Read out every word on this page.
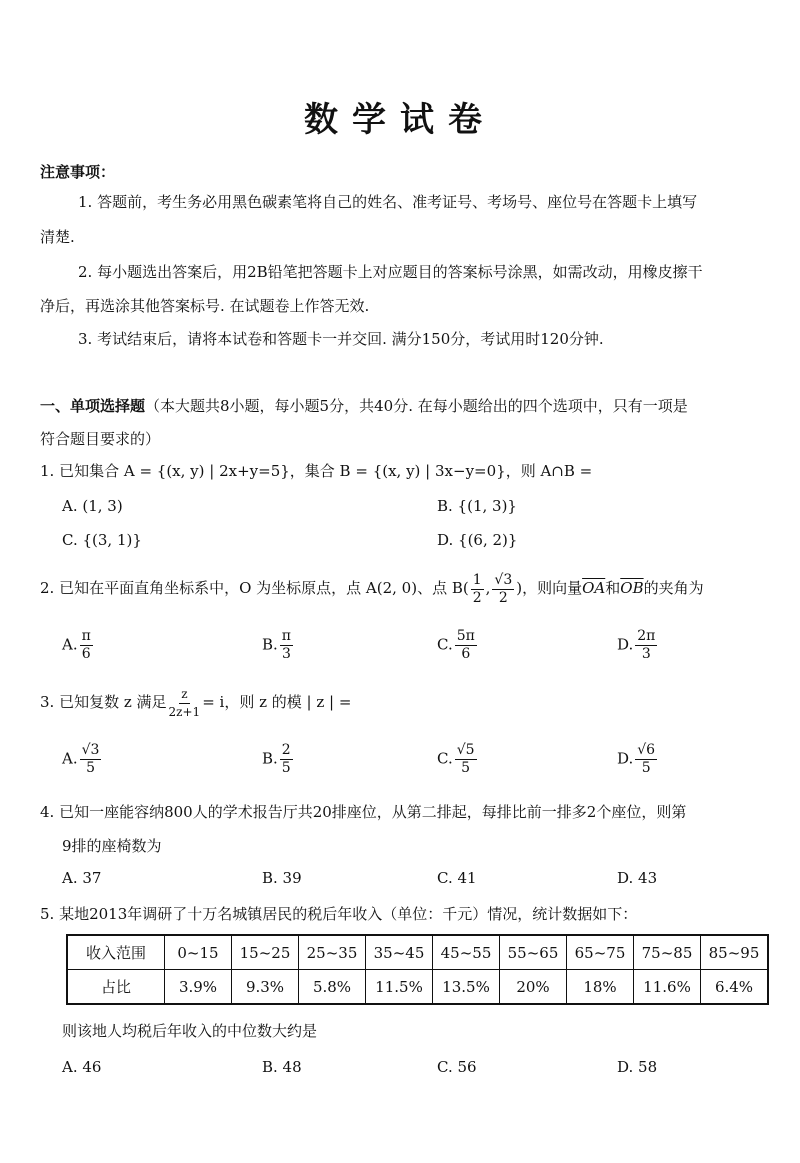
数学试卷
注意事项：
1. 答题前，考生务必用黑色碳素笔将自己的姓名、准考证号、考场号、座位号在答题卡上填写
清楚.
2. 每小题选出答案后，用2B铅笔把答题卡上对应题目的答案标号涂黑，如需改动，用橡皮擦干
净后，再选涂其他答案标号. 在试题卷上作答无效.
3. 考试结束后，请将本试卷和答题卡一并交回. 满分150分，考试用时120分钟.
一、单项选择题（本大题共8小题，每小题5分，共40分. 在每小题给出的四个选项中，只有一项是
符合题目要求的）
1. 已知集合 A = {(x, y) | 2x+y=5}，集合 B = {(x, y) | 3x−y=0}，则 A∩B =
A. (1, 3)	B. {(1, 3)}
C. {(3, 1)}	D. {(6, 2)}
2. 已知在平面直角坐标系中，O 为坐标原点，点 A(2, 0)、点 $B( \frac{1}{2}$ , $\frac{√3}{2}$ )，则向量$\overline{OA}$和$\overline{OB}$的夹角为
A. $\frac{\pi}{6}$	B. $\frac{\pi}{3}$	C. $\frac{5\pi}{6}$	D. $\frac{2\pi}{3}$
3. 已知复数 z 满足 $\frac{z}{2z+1} = i$，则 z 的模 | z | =
A. $\frac{√3}{5}$	B. $\frac{2}{5}$	C. $\frac{√5}{5}$	D. $\frac{√6}{5}$
4. 已知一座能容纳800人的学术报告厅共20排座位，从第二排起，每排比前一排多2个座位，则第
9排的座椅数为
A. 37	B. 39	C. 41	D. 43
5. 某地2013年调研了十万名城镇居民的税后年收入（单位：千元）情况，统计数据如下：
收入范围	0~15	15~25	25~35	35~45	45~55	55~65	65~75	75~85	85~95
占比	3.9%	9.3%	5.8%	11.5%	13.5%	20%	18%	11.6%	6.4%
则该地人均税后年收入的中位数大约是
A. 46	B. 48	C. 56	D. 58
